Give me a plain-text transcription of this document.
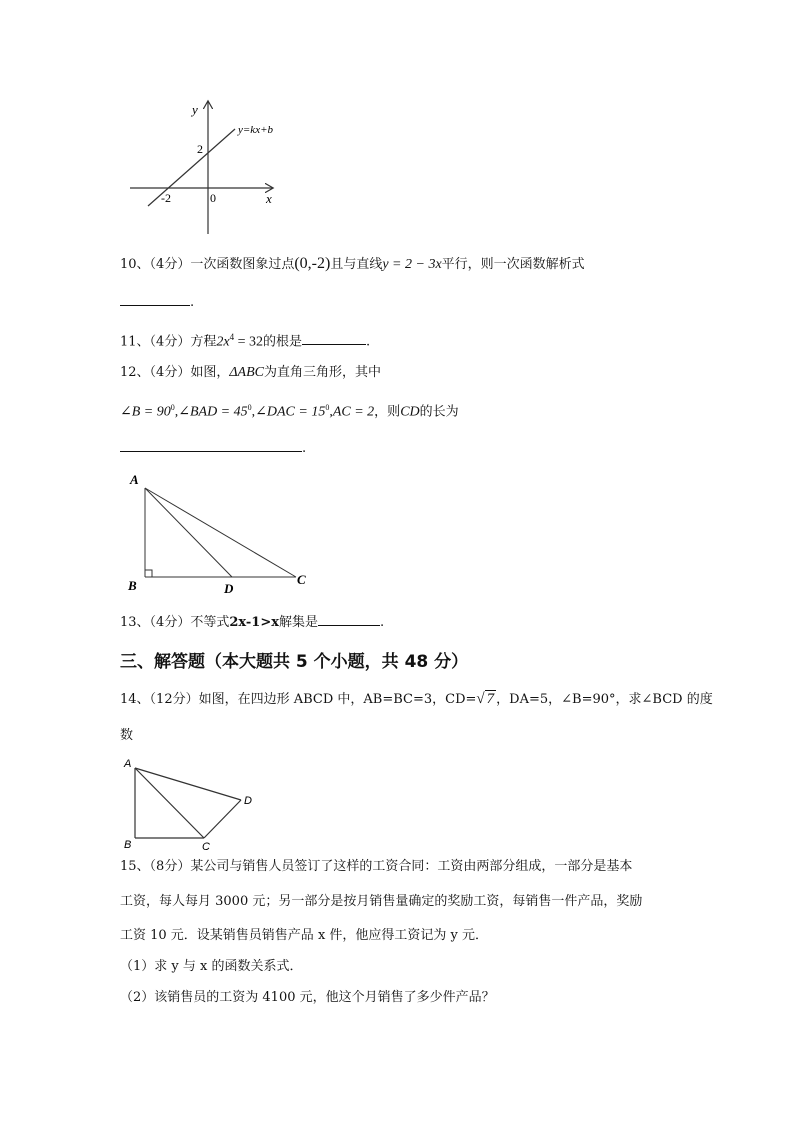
y
x
y=kx+b
2
-2	0
10、（4分）一次函数图象过点(0,-2)且与直线y = 2 − 3x平行，则一次函数解析式
.
11、（4分）方程$2x^4 = 32$的根是	.
12、（4分）如图，ΔABC为直角三角形，其中
∠B = $90^0,\angle BAD$ = $45^0,\angle DAC = 15^0,AC = 2$，则CD的长为
.
A
B	C
D
13、（4分）不等式2x-1>x解集是	.
三、解答题（本大题共 5 个小题，共 48 分）
14、（12分）如图，在四边形 ABCD 中，AB=BC=3，CD=√ 7 ，DA=5，∠B=90°，求∠BCD 的度
数
A
B	C
D
15、（8分）某公司与销售人员签订了这样的工资合同：工资由两部分组成，一部分是基本
工资，每人每月 3000 元；另一部分是按月销售量确定的奖励工资，每销售一件产品，奖励
工资 10 元．设某销售员销售产品 x 件，他应得工资记为 y 元．
（1）求 y 与 x 的函数关系式．
（2）该销售员的工资为 4100 元，他这个月销售了多少件产品？
